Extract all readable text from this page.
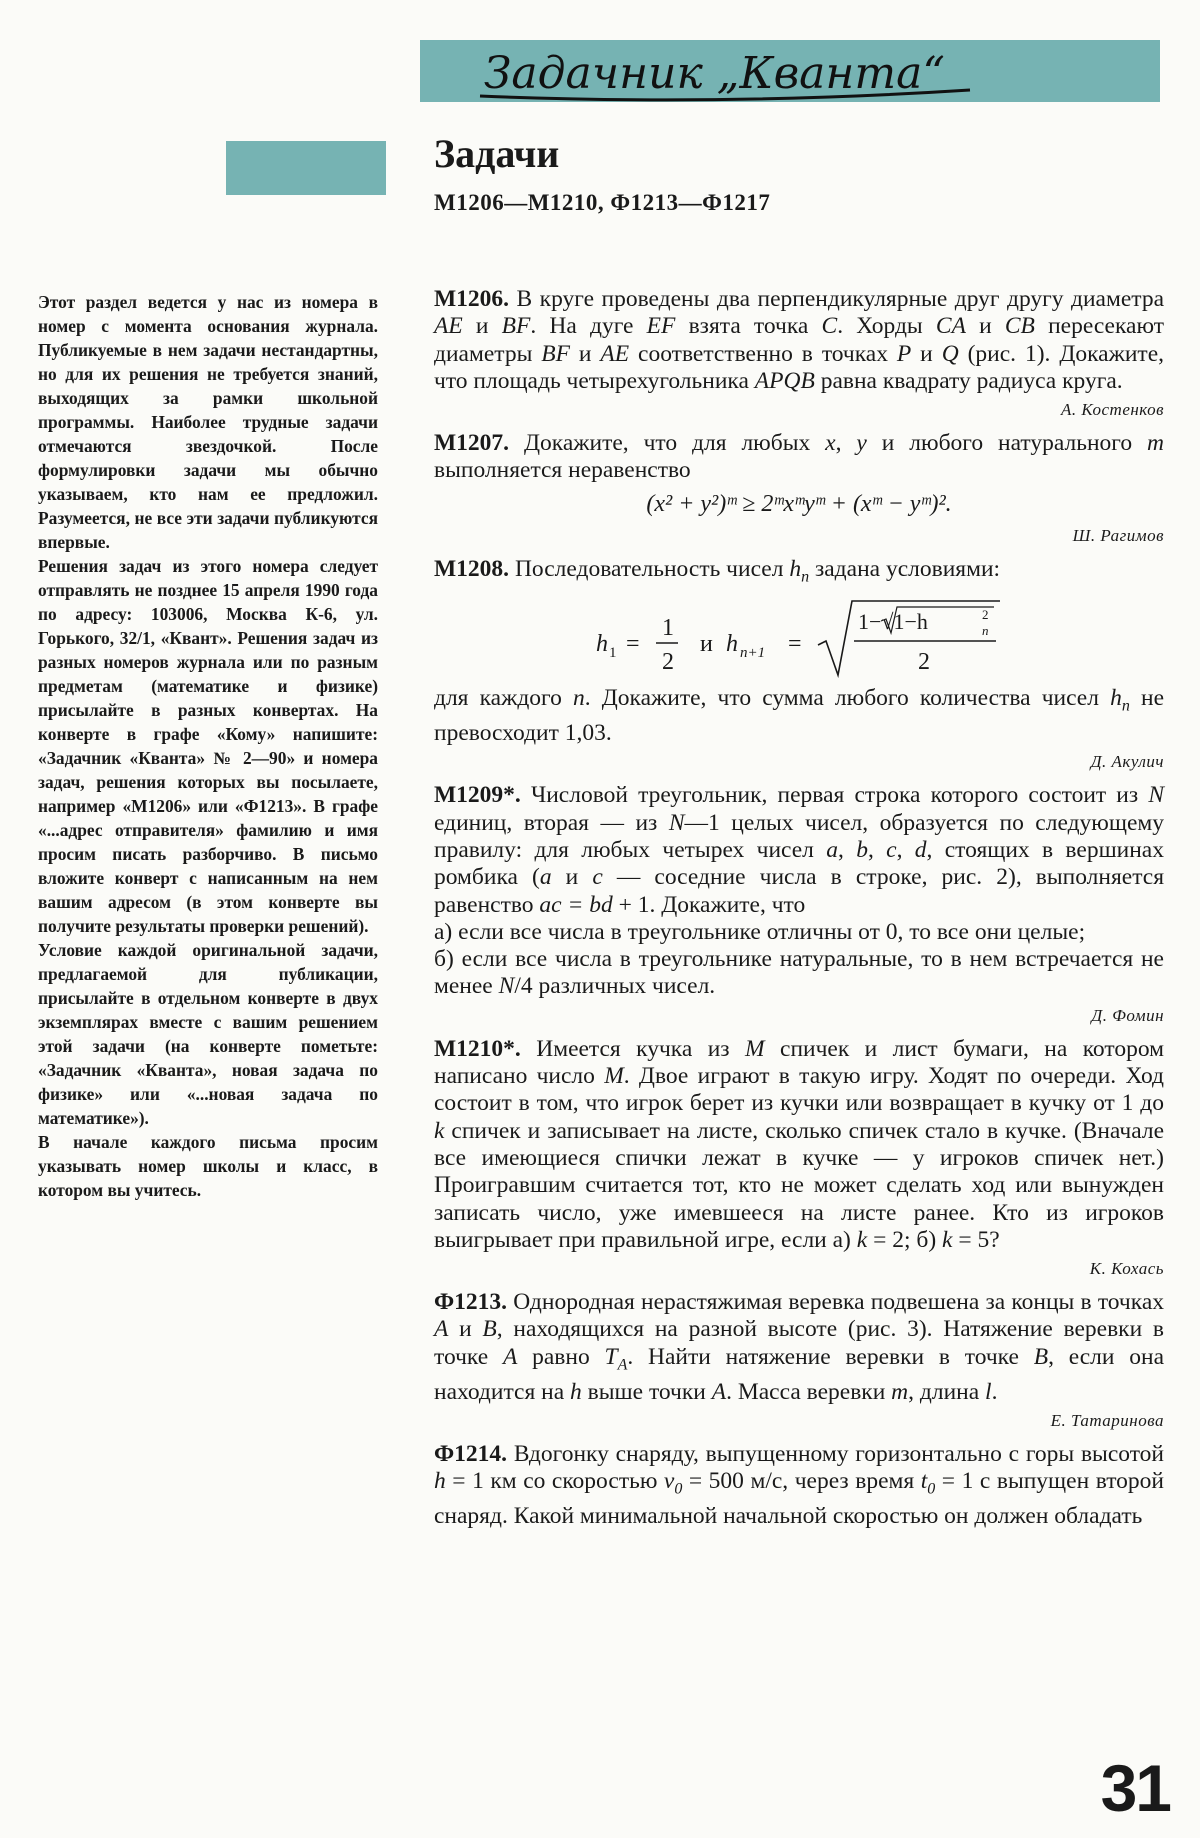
Задачник „Кванта“
Задачи
М1206—М1210, Ф1213—Ф1217

Этот раздел ведется у нас из номера в номер с момента основания журнала. Публикуемые в нем задачи нестандартны, но для их решения не требуется знаний, выходящих за рамки школьной программы. Наиболее трудные задачи отмечаются звездочкой. После формулировки задачи мы обычно указываем, кто нам ее предложил. Разумеется, не все эти задачи публикуются впервые.

Решения задач из этого номера следует отправлять не позднее 15 апреля 1990 года по адресу: 103006, Москва К-6, ул. Горького, 32/1, «Квант». Решения задач из разных номеров журнала или по разным предметам (математике и физике) присылайте в разных конвертах. На конверте в графе «Кому» напишите: «Задачник «Кванта» № 2—90» и номера задач, решения которых вы посылаете, например «М1206» или «Ф1213». В графе «...адрес отправителя» фамилию и имя просим писать разборчиво. В письмо вложите конверт с написанным на нем вашим адресом (в этом конверте вы получите результаты проверки решений).

Условие каждой оригинальной задачи, предлагаемой для публикации, присылайте в отдельном конверте в двух экземплярах вместе с вашим решением этой задачи (на конверте пометьте: «Задачник «Кванта», новая задача по физике» или «...новая задача по математике»).

В начале каждого письма просим указывать номер школы и класс, в котором вы учитесь.

М1206. В круге проведены два перпендикулярные друг другу диаметра AE и BF. На дуге EF взята точка C. Хорды CA и CB пересекают диаметры BF и AE соответственно в точках P и Q (рис. 1). Докажите, что площадь четырехугольника APQB равна квадрату радиуса круга.

А. Костенков

М1207. Докажите, что для любых x, y и любого натурального m выполняется неравенство

(x² + y²)ᵐ ≥ 2ᵐxᵐyᵐ + (xᵐ − yᵐ)².
Ш. Рагимов

М1208. Последовательность чисел $h_n$ задана условиями:

h 1 =
1
2
и h n+1 =
1−√1−h	n
2
2

для каждого n. Докажите, что сумма любого количества чисел $h_n$ не превосходит 1,03.

Д. Акулич

М1209*. Числовой треугольник, первая строка которого состоит из N единиц, вторая — из N—1 целых чисел, образуется по следующему правилу: для любых четырех чисел a, b, c, d, стоящих в вершинах ромбика (a и c — соседние числа в строке, рис. 2), выполняется равенство ac = bd + 1. Докажите, что

а) если все числа в треугольнике отличны от 0, то все они целые;

б) если все числа в треугольнике натуральные, то в нем встречается не менее N/4 различных чисел.

Д. Фомин

М1210*. Имеется кучка из M спичек и лист бумаги, на котором написано число M. Двое играют в такую игру. Ходят по очереди. Ход состоит в том, что игрок берет из кучки или возвращает в кучку от 1 до k спичек и записывает на листе, сколько спичек стало в кучке. (Вначале все имеющиеся спички лежат в кучке — у игроков спичек нет.) Проигравшим считается тот, кто не может сделать ход или вынужден записать число, уже имевшееся на листе ранее. Кто из игроков выигрывает при правильной игре, если а) k = 2; б) k = 5?

К. Кохась

Ф1213. Однородная нерастяжимая веревка подвешена за концы в точках A и B, находящихся на разной высоте (рис. 3). Натяжение веревки в точке A равно $T_A$. Найти натяжение веревки в точке B, если она находится на h выше точки A. Масса веревки m, длина l.

Е. Татаринова

Ф1214. Вдогонку снаряду, выпущенному горизонтально с горы высотой h = 1 км со скоростью $v_0 = 500$ м/с, через время $t_0 = 1$ с выпущен второй снаряд. Какой минимальной начальной скоростью он должен обладать

31
